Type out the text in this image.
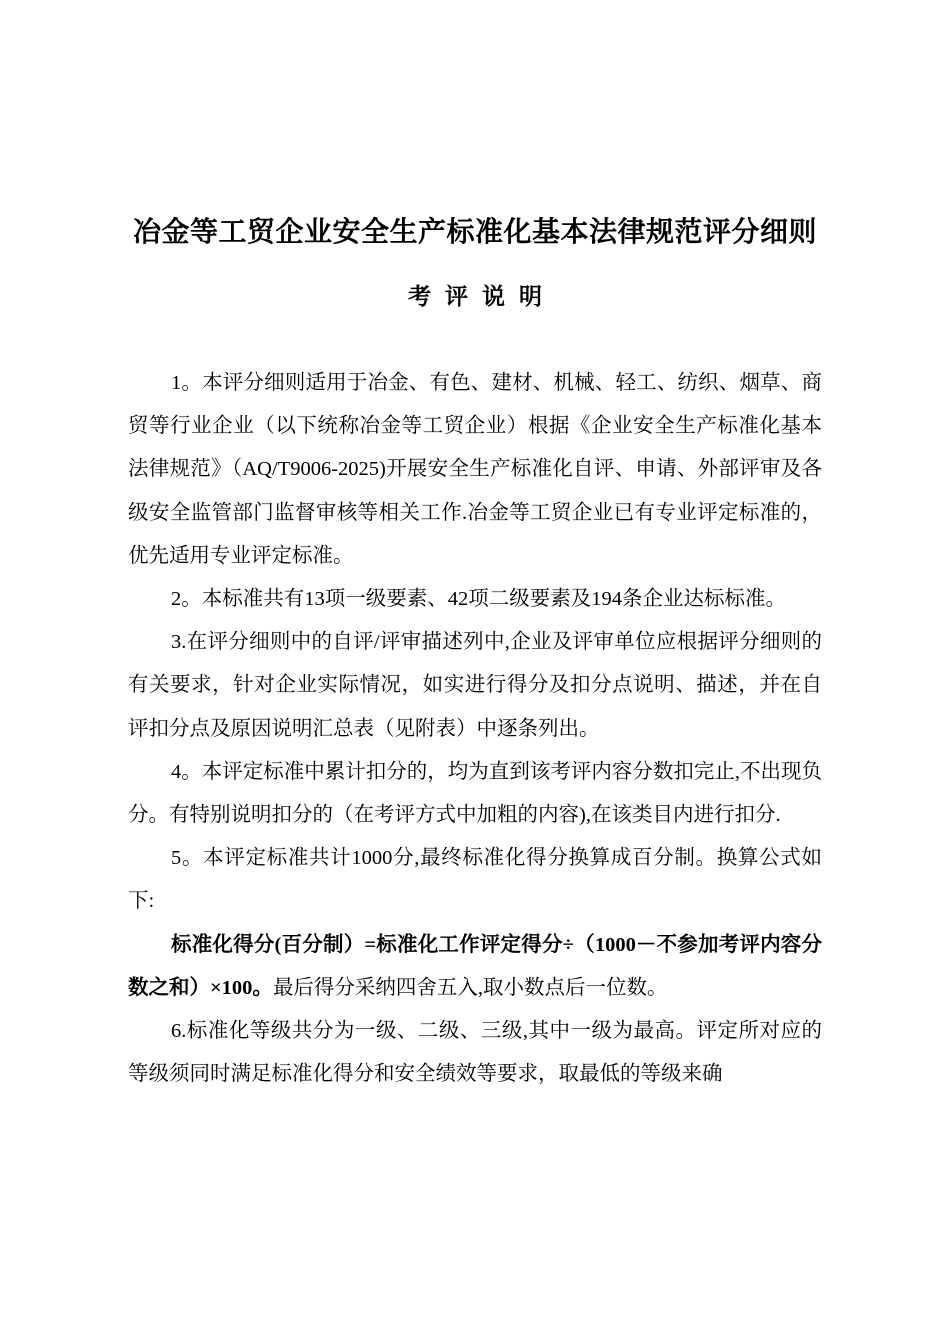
冶金等工贸企业安全生产标准化基本法律规范评分细则
考 评 说 明

1。本评分细则适用于冶金、有色、建材、机械、轻工、纺织、烟草、商贸等行业企业（以下统称冶金等工贸企业）根据《企业安全生产标准化基本法律规范》（AQ/T9006-2025)开展安全生产标准化自评、申请、外部评审及各级安全监管部门监督审核等相关工作.冶金等工贸企业已有专业评定标准的，优先适用专业评定标准。

2。本标准共有13项一级要素、42项二级要素及194条企业达标标准。

3.在评分细则中的自评/评审描述列中,企业及评审单位应根据评分细则的有关要求，针对企业实际情况，如实进行得分及扣分点说明、描述，并在自评扣分点及原因说明汇总表（见附表）中逐条列出。

4。本评定标准中累计扣分的，均为直到该考评内容分数扣完止,不出现负分。有特别说明扣分的（在考评方式中加粗的内容),在该类目内进行扣分.

5。本评定标准共计1000分,最终标准化得分换算成百分制。换算公式如下:

标准化得分(百分制）=标准化工作评定得分÷（1000－不参加考评内容分数之和）×100。最后得分采纳四舍五入,取小数点后一位数。

6.标准化等级共分为一级、二级、三级,其中一级为最高。评定所对应的等级须同时满足标准化得分和安全绩效等要求，取最低的等级来确
